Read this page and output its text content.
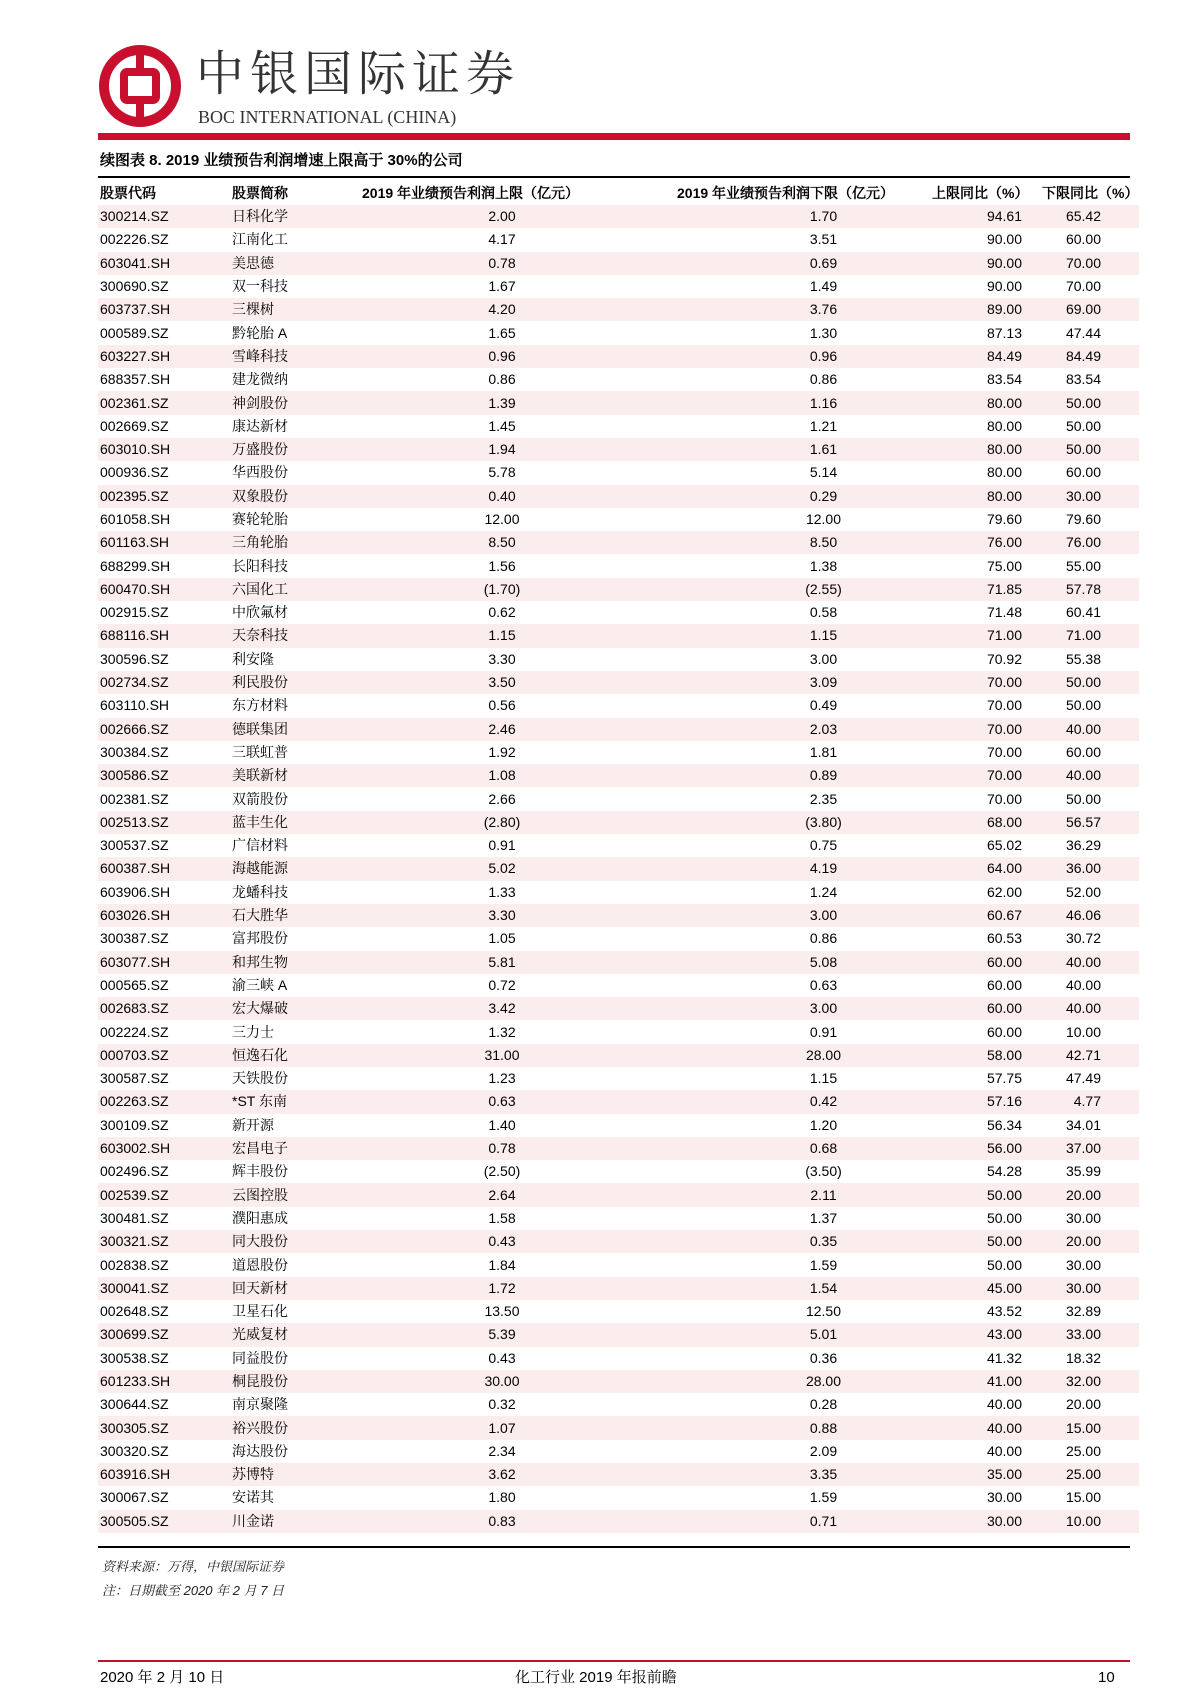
中银国际证券
BOC INTERNATIONAL (CHINA)
续图表 8. 2019 业绩预告利润增速上限高于 30%的公司
股票代码	股票简称	2019 年业绩预告利润上限（亿元）	2019 年业绩预告利润下限（亿元）	上限同比（%）	下限同比（%）
300214.SZ	日科化学	2.00	1.70	94.61	65.42
002226.SZ	江南化工	4.17	3.51	90.00	60.00
603041.SH	美思德	0.78	0.69	90.00	70.00
300690.SZ	双一科技	1.67	1.49	90.00	70.00
603737.SH	三棵树	4.20	3.76	89.00	69.00
000589.SZ	黔轮胎 A	1.65	1.30	87.13	47.44
603227.SH	雪峰科技	0.96	0.96	84.49	84.49
688357.SH	建龙微纳	0.86	0.86	83.54	83.54
002361.SZ	神剑股份	1.39	1.16	80.00	50.00
002669.SZ	康达新材	1.45	1.21	80.00	50.00
603010.SH	万盛股份	1.94	1.61	80.00	50.00
000936.SZ	华西股份	5.78	5.14	80.00	60.00
002395.SZ	双象股份	0.40	0.29	80.00	30.00
601058.SH	赛轮轮胎	12.00	12.00	79.60	79.60
601163.SH	三角轮胎	8.50	8.50	76.00	76.00
688299.SH	长阳科技	1.56	1.38	75.00	55.00
600470.SH	六国化工	(1.70)	(2.55)	71.85	57.78
002915.SZ	中欣氟材	0.62	0.58	71.48	60.41
688116.SH	天奈科技	1.15	1.15	71.00	71.00
300596.SZ	利安隆	3.30	3.00	70.92	55.38
002734.SZ	利民股份	3.50	3.09	70.00	50.00
603110.SH	东方材料	0.56	0.49	70.00	50.00
002666.SZ	德联集团	2.46	2.03	70.00	40.00
300384.SZ	三联虹普	1.92	1.81	70.00	60.00
300586.SZ	美联新材	1.08	0.89	70.00	40.00
002381.SZ	双箭股份	2.66	2.35	70.00	50.00
002513.SZ	蓝丰生化	(2.80)	(3.80)	68.00	56.57
300537.SZ	广信材料	0.91	0.75	65.02	36.29
600387.SH	海越能源	5.02	4.19	64.00	36.00
603906.SH	龙蟠科技	1.33	1.24	62.00	52.00
603026.SH	石大胜华	3.30	3.00	60.67	46.06
300387.SZ	富邦股份	1.05	0.86	60.53	30.72
603077.SH	和邦生物	5.81	5.08	60.00	40.00
000565.SZ	渝三峡 A	0.72	0.63	60.00	40.00
002683.SZ	宏大爆破	3.42	3.00	60.00	40.00
002224.SZ	三力士	1.32	0.91	60.00	10.00
000703.SZ	恒逸石化	31.00	28.00	58.00	42.71
300587.SZ	天铁股份	1.23	1.15	57.75	47.49
002263.SZ	*ST 东南	0.63	0.42	57.16	4.77
300109.SZ	新开源	1.40	1.20	56.34	34.01
603002.SH	宏昌电子	0.78	0.68	56.00	37.00
002496.SZ	辉丰股份	(2.50)	(3.50)	54.28	35.99
002539.SZ	云图控股	2.64	2.11	50.00	20.00
300481.SZ	濮阳惠成	1.58	1.37	50.00	30.00
300321.SZ	同大股份	0.43	0.35	50.00	20.00
002838.SZ	道恩股份	1.84	1.59	50.00	30.00
300041.SZ	回天新材	1.72	1.54	45.00	30.00
002648.SZ	卫星石化	13.50	12.50	43.52	32.89
300699.SZ	光威复材	5.39	5.01	43.00	33.00
300538.SZ	同益股份	0.43	0.36	41.32	18.32
601233.SH	桐昆股份	30.00	28.00	41.00	32.00
300644.SZ	南京聚隆	0.32	0.28	40.00	20.00
300305.SZ	裕兴股份	1.07	0.88	40.00	15.00
300320.SZ	海达股份	2.34	2.09	40.00	25.00
603916.SH	苏博特	3.62	3.35	35.00	25.00
300067.SZ	安诺其	1.80	1.59	30.00	15.00
300505.SZ	川金诺	0.83	0.71	30.00	10.00
资料来源：万得，中银国际证券
注：日期截至 2020 年 2 月 7 日
2020 年 2 月 10 日	化工行业 2019 年报前瞻	10
